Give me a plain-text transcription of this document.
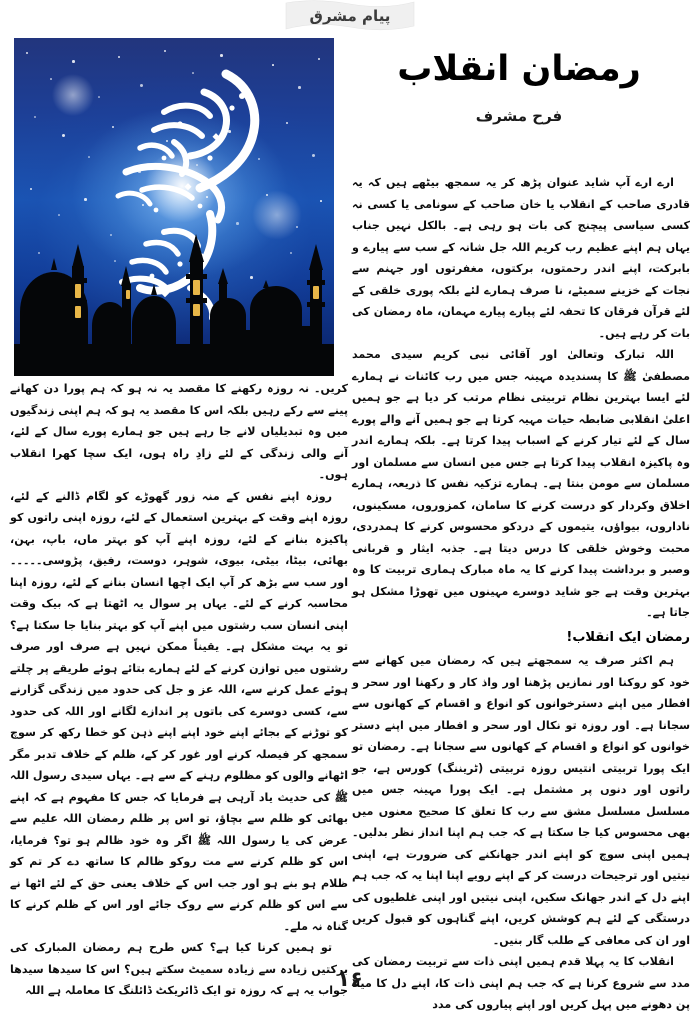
پیام مشرق
رمضان انقلاب
فرح مشرف

ارے ارے آپ شاید عنوان پڑھ کر یہ سمجھ بیٹھے ہیں کہ یہ قادری صاحب کے انقلاب یا خان صاحب کے سونامی یا کسی نہ کسی سیاسی پیچنج کی بات ہو رہی ہے۔ بالکل نہیں جناب یہاں ہم اپنے عظیم رب کریم اللہ جل شانہ کے سب سے پیارے و بابرکت، اپنے اندر رحمتوں، برکتوں، مغفرتوں اور جہنم سے نجات کے خزینے سمیٹے، نا صرف ہمارے لئے بلکہ پوری خلقی کے لئے قرآن فرقان کا تحفہ لئے پیارے پیارے مہمان، ماہ رمضان کی بات کر رہے ہیں۔

اللہ تبارک وتعالیٰ اور آقائی نبی کریم سیدی محمد مصطفیٰ ﷺ کا پسندیدہ مہینہ جس میں رب کائنات نے ہمارے لئے ایسا بہترین نظام تربیتی نظام مرتب کر دیا ہے جو ہمیں اعلیٰ انقلابی ضابطہ حیات مہیہ کرتا ہے جو ہمیں آنے والے پورے سال کے لئے تیار کرنے کے اسباب پیدا کرتا ہے۔ بلکہ ہمارے اندر وہ پاکیزہ انقلاب پیدا کرتا ہے جس میں انسان سے مسلمان اور مسلمان سے مومن بنتا ہے۔ ہمارے تزکیہ نفس کا ذریعہ، ہمارے اخلاق وکردار کو درست کرنے کا سامان، کمزوروں، مسکینوں، ناداروں، بیواؤں، یتیموں کے دردکو محسوس کرنے کا ہمدردی، محبت وخوش خلقی کا درس دیتا ہے۔ جذبہ ایثار و قربانی وصبر و برداشت پیدا کرنے کا یہ ماہ مبارک ہماری تربیت کا وہ بہترین وقت ہے جو شاید دوسرے مہینوں میں تھوڑا مشکل ہو جاتا ہے۔

رمضان ایک انقلاب!

ہم اکثر صرف یہ سمجھتے ہیں کہ رمضان میں کھانے سے خود کو روکنا اور نمازیں پڑھنا اور واذ کار و رکھنا اور سحر و افطار میں اپنے دسترخوانوں کو انواع و اقسام کے کھانوں سے سجانا ہے۔ اور روزہ تو نکال اور سحر و افطار میں اپنے دستر خوانوں کو انواع و اقسام کے کھانوں سے سجانا ہے۔ رمضان تو ایک پورا تربیتی انتیس روزہ تربیتی (ٹریننگ) کورس ہے، جو راتوں اور دنوں پر مشتمل ہے۔ ایک پورا مہینہ جس میں مسلسل مسلسل مشق سے رب کا تعلق کا صحیح معنوں میں بھی محسوس کیا جا سکتا ہے کہ جب ہم اپنا انداز نظر بدلیں۔ ہمیں اپنی سوچ کو اپنے اندر جھانکنے کی ضرورت ہے، اپنی نیتیں اور ترجیحات درست کر کے اپنے رویے اپنا اپنا یہ کہ جب ہم اپنے دل کے اندر جھانک سکیں، اپنی نیتیں اور اپنی غلطیوں کی درستگی کے لئے ہم کوشش کریں، اپنے گناہوں کو قبول کریں اور ان کی معافی کے طلب گار بنیں۔

انقلاب کا یہ پہلا قدم ہمیں اپنی ذات سے تربیت رمضان کی مدد سے شروع کرنا ہے کہ جب ہم اپنی ذات کا، اپنے دل کا میلا پن دھونے میں پہل کریں اور اپنے پیاروں کی مدد

کریں۔ نہ روزہ رکھنے کا مقصد یہ نہ ہو کہ ہم پورا دن کھانے پینے سے رکے رہیں بلکہ اس کا مقصد یہ ہو کہ ہم اپنی زندگیوں میں وہ تبدیلیاں لانے جا رہے ہیں جو ہمارے پورے سال کے لئے، آنے والی زندگی کے لئے زادِ راہ ہوں، ایک سچا کھرا انقلاب ہوں۔

روزہ اپنے نفس کے منہ زور گھوڑے کو لگام ڈالنے کے لئے، روزہ اپنے وقت کے بہترین استعمال کے لئے، روزہ اپنی راتوں کو پاکیزہ بنانے کے لئے، روزہ اپنے آپ کو بہتر ماں، باپ، بہن، بھائی، بیٹا، بیٹی، بیوی، شوہر، دوست، رفیق، پڑوسی۔۔۔۔۔ اور سب سے بڑھ کر آپ ایک اچھا انسان بنانے کے لئے، روزہ اپنا محاسبہ کرنے کے لئے۔ یہاں پر سوال یہ اٹھتا ہے کہ بیک وقت اپنی انسان سب رشتوں میں اپنے آپ کو بہتر بنایا جا سکتا ہے؟ تو یہ بہت مشکل ہے۔ یقیناً ممکن نہیں ہے صرف اور صرف رشتوں میں توازن کرنے کے لئے ہمارے بتائے ہوئے طریقے پر چلتے ہوئے عمل کرنے سے، اللہ عز و جل کی حدود میں زندگی گزارنے سے، کسی دوسرے کی باتوں پر اندازے لگانے اور اللہ کی حدود کو توڑنے کے بجائے اپنے خود اپنے اپنے ذہن کو خطا رکھ کر سوچ سمجھ کر فیصلہ کرنے اور غور کر کے، ظلم کے خلاف تدبر مگر اٹھانے والوں کو مظلوم رہنے کے سے ہے۔ یہاں سیدی رسول اللہ ﷺ کی حدیث یاد آرہی ہے فرمایا کہ جس کا مفہوم ہے کہ اپنے بھائی کو ظلم سے بچاؤ، تو اس پر ظلم رمضان اللہ علیم سے عرض کی یا رسول اللہ ﷺ اگر وہ خود ظالم ہو تو؟ فرمایا، اس کو ظلم کرنے سے مت روکو ظالم کا ساتھ دے کر تم کو ظلام ہو بنے ہو اور جب اس کے خلاف یعنی حق کے لئے اٹھا نے سے اس کو ظلم کرنے سے روک جائے اور اس کے ظلم کرنے کا گناہ نہ ملے۔

تو ہمیں کرنا کیا ہے؟ کس طرح ہم رمضان المبارک کی برکتیں زیادہ سے زیادہ سمیٹ سکتے ہیں؟ اس کا سیدھا سیدھا جواب یہ ہے کہ روزہ تو ایک ڈائریکٹ ڈائلنگ کا معاملہ ہے اللہ

۱۶
